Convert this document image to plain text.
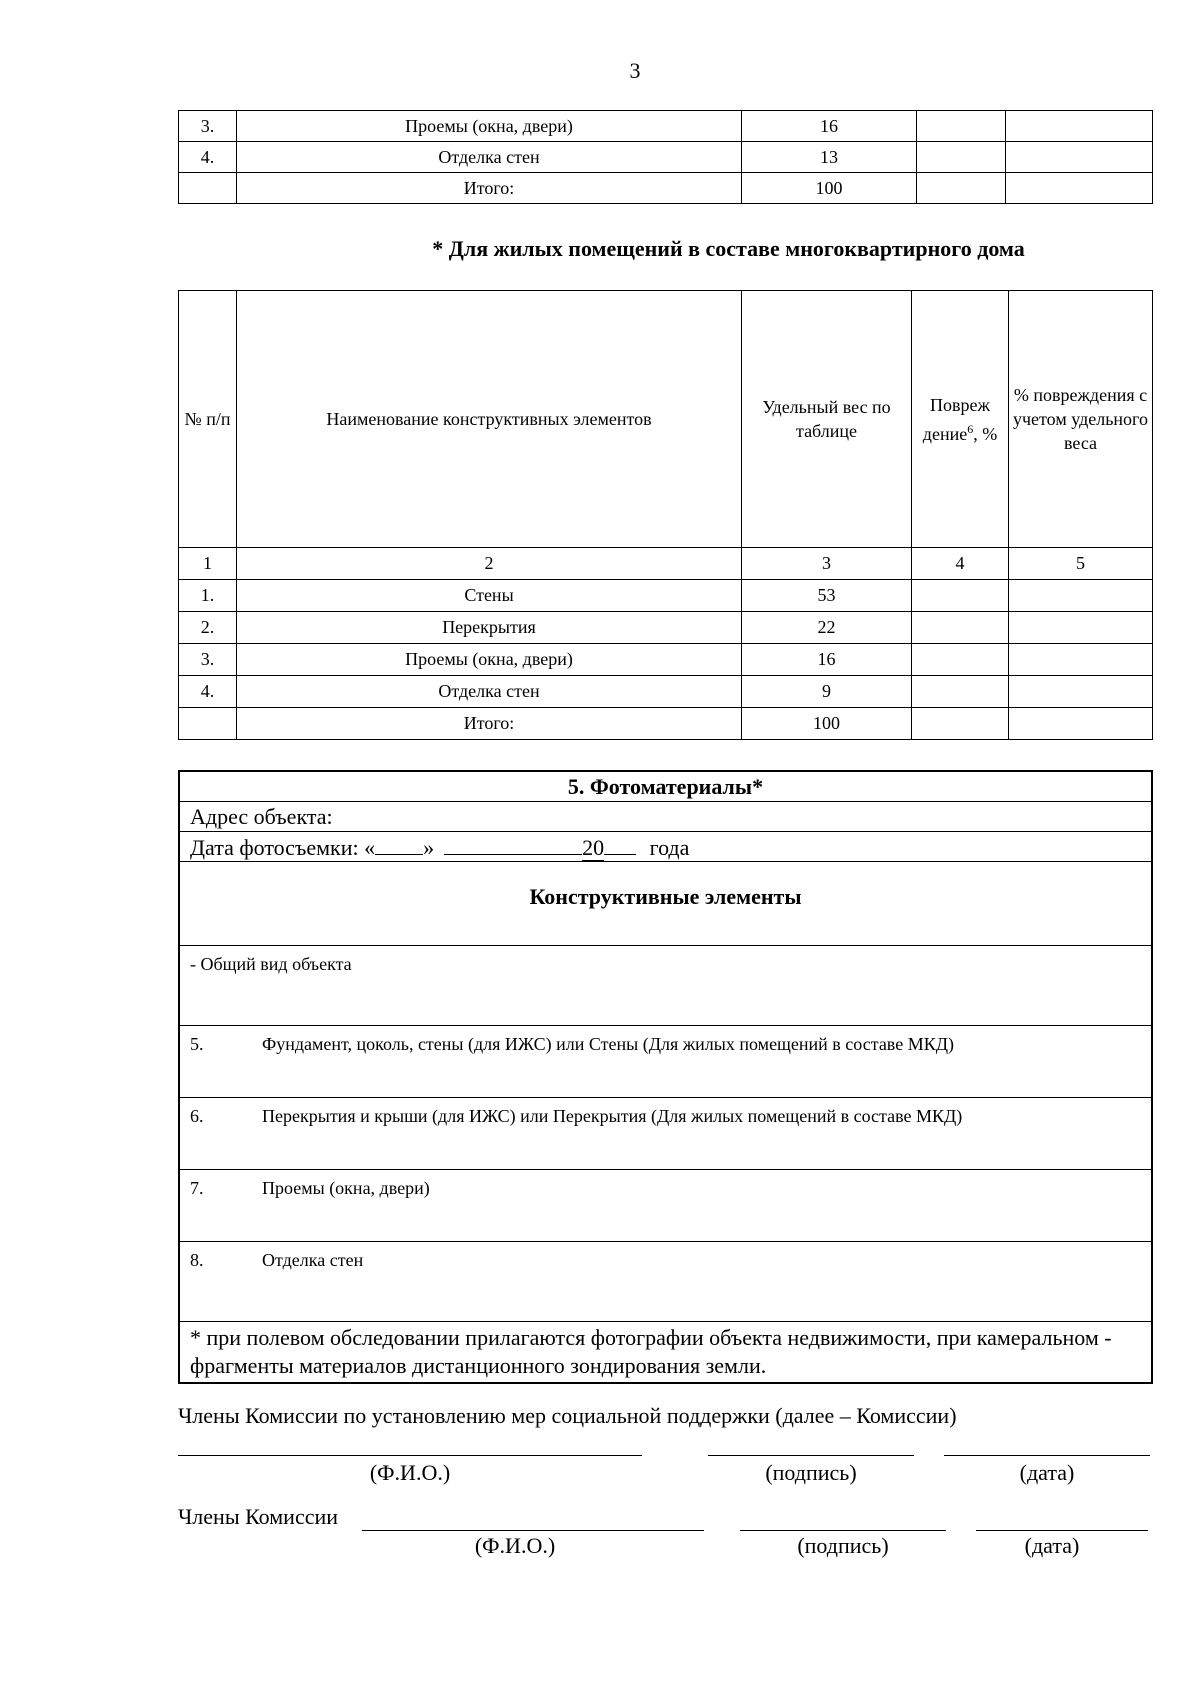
3
3.	Проемы (окна, двери)	16		
4.	Отделка стен	13		
	Итого:	100		
* Для жилых помещений в составе многоквартирного дома
№ п/п	Наименование конструктивных элементов	Удельный вес по таблице	Повреж дение$^6$, %	% повреждения с учетом удельного веса
1	2	3	4	5
1.	Стены	53		
2.	Перекрытия	22		
3.	Проемы (окна, двери)	16		
4.	Отделка стен	9		
	Итого:	100		
5. Фотоматериалы*
Адрес объекта:
Дата фотосъемки: « »	20 года
Конструктивные элементы
- Общий вид объекта
5.	Фундамент, цоколь, стены (для ИЖС) или Стены (Для жилых помещений в составе МКД)
6.	Перекрытия и крыши (для ИЖС) или Перекрытия (Для жилых помещений в составе МКД)
7.	Проемы (окна, двери)
8.	Отделка стен
* при полевом обследовании прилагаются фотографии объекта недвижимости, при камеральном - фрагменты материалов дистанционного зондирования земли.
Члены Комиссии по установлению мер социальной поддержки (далее – Комиссии)
(Ф.И.О.)	(подпись)	(дата)
Члены Комиссии
(Ф.И.О.)	(подпись)	(дата)
